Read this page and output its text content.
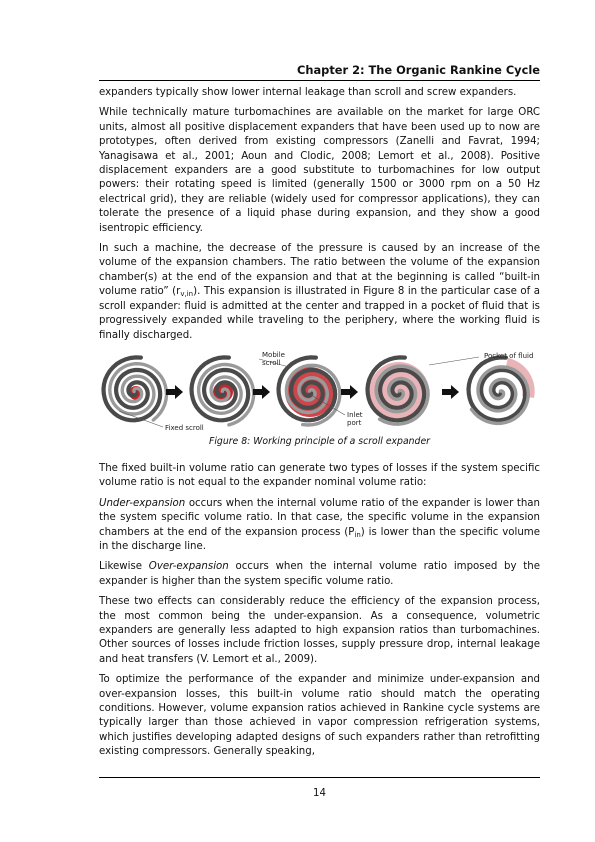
Chapter 2: The Organic Rankine Cycle

expanders typically show lower internal leakage than scroll and screw expanders.

While technically mature turbomachines are available on the market for large ORC units, almost all positive displacement expanders that have been used up to now are prototypes, often derived from existing compressors (Zanelli and Favrat, 1994; Yanagisawa et al., 2001; Aoun and Clodic, 2008; Lemort et al., 2008). Positive displacement expanders are a good substitute to turbomachines for low output powers: their rotating speed is limited (generally 1500 or 3000 rpm on a 50 Hz electrical grid), they are reliable (widely used for compressor applications), they can tolerate the presence of a liquid phase during expansion, and they show a good isentropic efficiency.

In such a machine, the decrease of the pressure is caused by an increase of the volume of the expansion chambers. The ratio between the volume of the expansion chamber(s) at the end of the expansion and that at the beginning is called “built-in volume ratio” $(r_{v,in})$. This expansion is illustrated in Figure 8 in the particular case of a scroll expander: fluid is admitted at the center and trapped in a pocket of fluid that is progressively expanded while traveling to the periphery, where the working fluid is finally discharged.

Mobile
scroll
Pocket of fluid
Fixed scroll
Inlet
port
Figure 8: Working principle of a scroll expander

The fixed built-in volume ratio can generate two types of losses if the system specific volume ratio is not equal to the expander nominal volume ratio:

Under-expansion occurs when the internal volume ratio of the expander is lower than the system specific volume ratio. In that case, the specific volume in the expansion chambers at the end of the expansion process $(P_{in})$ is lower than the specific volume in the discharge line.

Likewise Over-expansion occurs when the internal volume ratio imposed by the expander is higher than the system specific volume ratio.

These two effects can considerably reduce the efficiency of the expansion process, the most common being the under-expansion. As a consequence, volumetric expanders are generally less adapted to high expansion ratios than turbomachines. Other sources of losses include friction losses, supply pressure drop, internal leakage and heat transfers (V. Lemort et al., 2009).

To optimize the performance of the expander and minimize under-expansion and over-expansion losses, this built-in volume ratio should match the operating conditions. However, volume expansion ratios achieved in Rankine cycle systems are typically larger than those achieved in vapor compression refrigeration systems, which justifies developing adapted designs of such expanders rather than retrofitting existing compressors. Generally speaking,

14
